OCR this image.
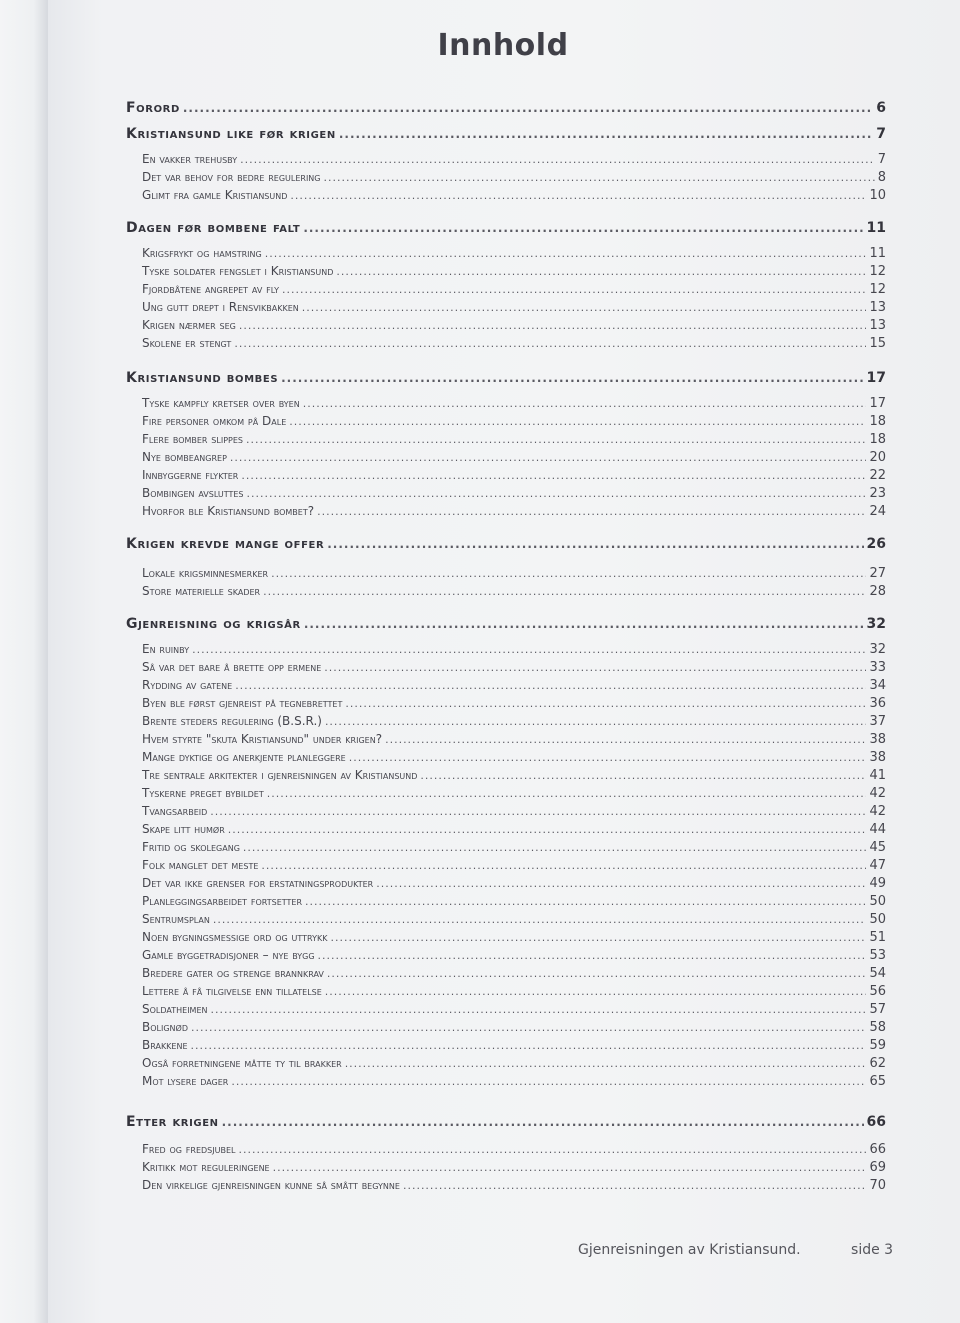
Innhold
Forord .....	6
Kristiansund like før krigen .....	7
En vakker trehusby .....	7
Det var behov for bedre regulering .....	8
Glimt fra gamle Kristiansund .....	10
Dagen før bombene falt .....	11
Krigsfrykt og hamstring .....	11
Tyske soldater fengslet i Kristiansund .....	12
Fjordbåtene angrepet av fly .....	12
Ung gutt drept i Rensvikbakken .....	13
Krigen nærmer seg .....	13
Skolene er stengt .....	15
Kristiansund bombes .....	17
Tyske kampfly kretser over byen .....	17
Fire personer omkom på Dale .....	18
Flere bomber slippes .....	18
Nye bombeangrep .....	20
Innbyggerne flykter .....	22
Bombingen avsluttes .....	23
Hvorfor ble Kristiansund bombet? .....	24
Krigen krevde mange offer .....	26
Lokale krigsminnesmerker .....	27
Store materielle skader .....	28
Gjenreisning og krigsår .....	32
En ruinby .....	32
Så var det bare å brette opp ermene .....	33
Rydding av gatene .....	34
Byen ble først gjenreist på tegnebrettet .....	36
Brente steders regulering (B.S.R.) .....	37
Hvem styrte "skuta Kristiansund" under krigen? .....	38
Mange dyktige og anerkjente planleggere .....	38
Tre sentrale arkitekter i gjenreisningen av Kristiansund .....	41
Tyskerne preget bybildet .....	42
Tvangsarbeid .....	42
Skape litt humør .....	44
Fritid og skolegang .....	45
Folk manglet det meste .....	47
Det var ikke grenser for erstatningsprodukter .....	49
Planleggingsarbeidet fortsetter .....	50
Sentrumsplan .....	50
Noen bygningsmessige ord og uttrykk .....	51
Gamle byggetradisjoner – nye bygg .....	53
Bredere gater og strenge brannkrav .....	54
Lettere å få tilgivelse enn tillatelse .....	56
Soldatheimen .....	57
Bolignød .....	58
Brakkene .....	59
Også forretningene måtte ty til brakker .....	62
Mot lysere dager .....	65
Etter krigen .....	66
Fred og fredsjubel .....	66
Kritikk mot reguleringene .....	69
Den virkelige gjenreisningen kunne så smått begynne .....	70
Gjenreisningen av Kristiansund.	side 3
